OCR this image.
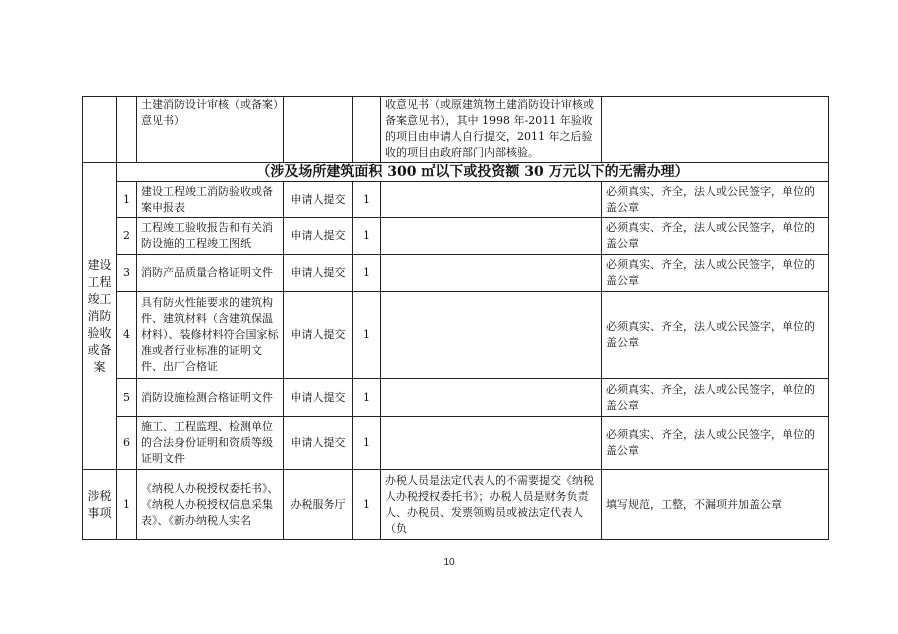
		土建消防设计审核（或备案）意见书）			收意见书（或原建筑物土建消防设计审核或备案意见书），其中 1998 年-2011 年验收的项目由申请人自行提交，2011 年之后验收的项目由政府部门内部核验。	
建设工程竣工消防验收或备案	（涉及场所建筑面积 300 ㎡以下或投资额 30 万元以下的无需办理）					
	1	建设工程竣工消防验收或备案申报表	申请人提交	1		必须真实、齐全，法人或公民签字，单位的盖公章
	2	工程竣工验收报告和有关消防设施的工程竣工图纸	申请人提交	1		必须真实、齐全，法人或公民签字，单位的盖公章
	3	消防产品质量合格证明文件	申请人提交	1		必须真实、齐全，法人或公民签字，单位的盖公章
	4	具有防火性能要求的建筑构件、建筑材料（含建筑保温材料）、装修材料符合国家标准或者行业标准的证明文件、出厂合格证	申请人提交	1		必须真实、齐全，法人或公民签字，单位的盖公章
	5	消防设施检测合格证明文件	申请人提交	1		必须真实、齐全，法人或公民签字，单位的盖公章
	6	施工、工程监理、检测单位的合法身份证明和资质等级证明文件	申请人提交	1		必须真实、齐全，法人或公民签字，单位的盖公章
涉税事项	1	《纳税人办税授权委托书》、《纳税人办税授权信息采集表》、《新办纳税人实名	办税服务厅	1	办税人员是法定代表人的不需要提交《纳税人办税授权委托书》；办税人员是财务负责人、办税员、发票领购员或被法定代表人（负	填写规范，工整，不漏项并加盖公章
10
